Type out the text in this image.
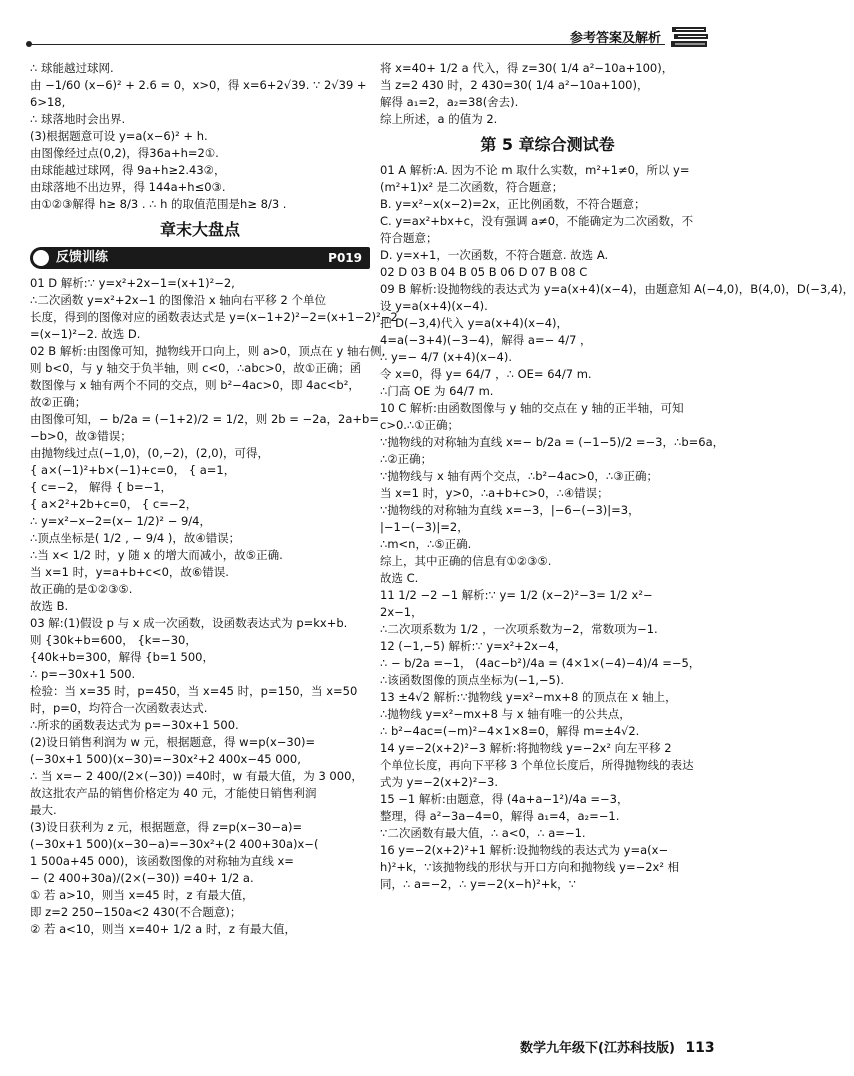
参考答案及解析

∴ 球能越过球网.

由 −1/60 (x−6)² + 2.6 = 0，x>0，得 x=6+2√39. ∵ 2√39 +

6>18,

∴ 球落地时会出界.

(3)根据题意可设 y=a(x−6)² + h.

由图像经过点(0,2)，得36a+h=2①.

由球能越过球网，得 9a+h≥2.43②，

由球落地不出边界，得 144a+h≤0③.

由①②③解得 h≥ 8/3 . ∴ h 的取值范围是h≥ 8/3 .

章末大盘点
反馈训练	P019

01 D 解析:∵ y=x²+2x−1=(x+1)²−2,

∴二次函数 y=x²+2x−1 的图像沿 x 轴向右平移 2 个单位

长度，得到的图像对应的函数表达式是 y=(x−1+2)²−2=(x+1−2)²−2

=(x−1)²−2. 故选 D.

02 B 解析:由图像可知，抛物线开口向上，则 a>0，顶点在 y 轴右侧,

则 b<0，与 y 轴交于负半轴，则 c<0，∴abc>0，故①正确；函

数图像与 x 轴有两个不同的交点，则 b²−4ac>0，即 4ac<b²，

故②正确；

由图像可知，− b/2a = (−1+2)/2 = 1/2，则 2b = −2a，2a+b=

−b>0，故③错误；

由抛物线过点(−1,0)，(0,−2)，(2,0)，可得，

{ a×(−1)²+b×(−1)+c=0， { a=1，

{ c=−2， 解得 { b=−1，

{ a×2²+2b+c=0， { c=−2，

∴ y=x²−x−2=(x− 1/2)² − 9/4，

∴顶点坐标是( 1/2 , − 9/4 )，故④错误；

∴当 x< 1/2 时，y 随 x 的增大而减小，故⑤正确.

当 x=1 时，y=a+b+c<0，故⑥错误.

故正确的是①②③⑤.

故选 B.

03 解:(1)假设 p 与 x 成一次函数，设函数表达式为 p=kx+b.

则 {30k+b=600， {k=−30，

{40k+b=300，解得 {b=1 500，

∴ p=−30x+1 500.

检验：当 x=35 时，p=450，当 x=45 时，p=150，当 x=50

时，p=0，均符合一次函数表达式.

∴所求的函数表达式为 p=−30x+1 500.

(2)设日销售利润为 w 元，根据题意，得 w=p(x−30)=

(−30x+1 500)(x−30)=−30x²+2 400x−45 000,

∴ 当 x=− 2 400/(2×(−30)) =40时，w 有最大值，为 3 000，

故这批农产品的销售价格定为 40 元，才能使日销售利润

最大.

(3)设日获利为 z 元，根据题意，得 z=p(x−30−a)=

(−30x+1 500)(x−30−a)=−30x²+(2 400+30a)x−(

1 500a+45 000)，该函数图像的对称轴为直线 x=

− (2 400+30a)/(2×(−30)) =40+ 1/2 a.

① 若 a>10，则当 x=45 时，z 有最大值，

即 z=2 250−150a<2 430(不合题意)；

② 若 a<10，则当 x=40+ 1/2 a 时，z 有最大值，

将 x=40+ 1/2 a 代入，得 z=30( 1/4 a²−10a+100)，

当 z=2 430 时，2 430=30( 1/4 a²−10a+100)，

解得 a₁=2，a₂=38(舍去).

综上所述，a 的值为 2.

第 5 章综合测试卷

01 A 解析:A. 因为不论 m 取什么实数，m²+1≠0，所以 y=

(m²+1)x² 是二次函数，符合题意；

B. y=x²−x(x−2)=2x，正比例函数，不符合题意；

C. y=ax²+bx+c，没有强调 a≠0，不能确定为二次函数，不

符合题意；

D. y=x+1，一次函数，不符合题意. 故选 A.

02 D 03 B 04 B 05 B 06 D 07 B 08 C

09 B 解析:设抛物线的表达式为 y=a(x+4)(x−4)，由题意知 A(−4,0)，B(4,0)，D(−3,4)，

设 y=a(x+4)(x−4).

把 D(−3,4)代入 y=a(x+4)(x−4)，

4=a(−3+4)(−3−4)，解得 a=− 4/7 ，

∴ y=− 4/7 (x+4)(x−4).

令 x=0，得 y= 64/7 ，∴ OE= 64/7 m.

∴门高 OE 为 64/7 m.

10 C 解析:由函数图像与 y 轴的交点在 y 轴的正半轴，可知

c>0.∴①正确；

∵抛物线的对称轴为直线 x=− b/2a = (−1−5)/2 =−3，∴b=6a，

∴②正确；

∵抛物线与 x 轴有两个交点，∴b²−4ac>0，∴③正确；

当 x=1 时，y>0，∴a+b+c>0，∴④错误；

∵抛物线的对称轴为直线 x=−3，|−6−(−3)|=3，

|−1−(−3)|=2，

∴m<n，∴⑤正确.

综上，其中正确的信息有①②③⑤.

故选 C.

11 1/2 −2 −1 解析:∵ y= 1/2 (x−2)²−3= 1/2 x²−

2x−1，

∴二次项系数为 1/2 ，一次项系数为−2，常数项为−1.

12 (−1,−5) 解析:∵ y=x²+2x−4，

∴ − b/2a =−1， (4ac−b²)/4a = (4×1×(−4)−4)/4 =−5，

∴该函数图像的顶点坐标为(−1,−5).

13 ±4√2 解析:∵抛物线 y=x²−mx+8 的顶点在 x 轴上，

∴抛物线 y=x²−mx+8 与 x 轴有唯一的公共点，

∴ b²−4ac=(−m)²−4×1×8=0，解得 m=±4√2.

14 y=−2(x+2)²−3 解析:将抛物线 y=−2x² 向左平移 2

个单位长度，再向下平移 3 个单位长度后，所得抛物线的表达

式为 y=−2(x+2)²−3.

15 −1 解析:由题意，得 (4a+a−1²)/4a =−3，

整理，得 a²−3a−4=0，解得 a₁=4，a₂=−1.

∵二次函数有最大值，∴ a<0，∴ a=−1.

16 y=−2(x+2)²+1 解析:设抛物线的表达式为 y=a(x−

h)²+k，∵该抛物线的形状与开口方向和抛物线 y=−2x² 相

同，∴ a=−2，∴ y=−2(x−h)²+k，∵

数学九年级下(江苏科技版) 113
